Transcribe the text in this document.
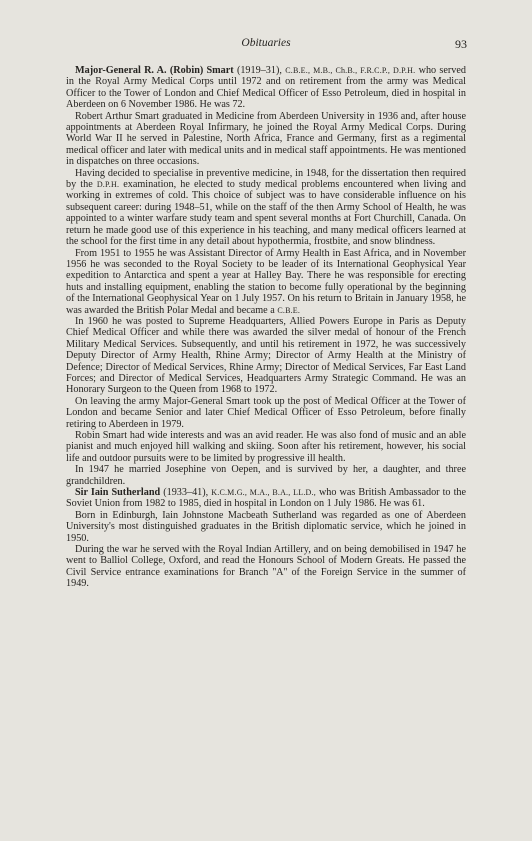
Obituaries	93

Major-General R. A. (Robin) Smart (1919–31), C.B.E., M.B., Ch.B., F.R.C.P., D.P.H. who served in the Royal Army Medical Corps until 1972 and on retirement from the army was Medical Officer to the Tower of London and Chief Medical Officer of Esso Petroleum, died in hospital in Aberdeen on 6 November 1986. He was 72.

Robert Arthur Smart graduated in Medicine from Aberdeen University in 1936 and, after house appointments at Aberdeen Royal Infirmary, he joined the Royal Army Medical Corps. During World War II he served in Palestine, North Africa, France and Germany, first as a regimental medical officer and later with medical units and in medical staff appointments. He was mentioned in dispatches on three occasions.

Having decided to specialise in preventive medicine, in 1948, for the dissertation then required by the D.P.H. examination, he elected to study medical problems encountered when living and working in extremes of cold. This choice of subject was to have considerable influence on his subsequent career: during 1948–51, while on the staff of the then Army School of Health, he was appointed to a winter warfare study team and spent several months at Fort Churchill, Canada. On return he made good use of this experience in his teaching, and many medical officers learned at the school for the first time in any detail about hypothermia, frostbite, and snow blindness.

From 1951 to 1955 he was Assistant Director of Army Health in East Africa, and in November 1956 he was seconded to the Royal Society to be leader of its International Geophysical Year expedition to Antarctica and spent a year at Halley Bay. There he was responsible for erecting huts and installing equipment, enabling the station to become fully operational by the beginning of the International Geophysical Year on 1 July 1957. On his return to Britain in January 1958, he was awarded the British Polar Medal and became a C.B.E.

In 1960 he was posted to Supreme Headquarters, Allied Powers Europe in Paris as Deputy Chief Medical Officer and while there was awarded the silver medal of honour of the French Military Medical Services. Subsequently, and until his retirement in 1972, he was successively Deputy Director of Army Health, Rhine Army; Director of Army Health at the Ministry of Defence; Director of Medical Services, Rhine Army; Director of Medical Services, Far East Land Forces; and Director of Medical Services, Headquarters Army Strategic Command. He was an Honorary Surgeon to the Queen from 1968 to 1972.

On leaving the army Major-General Smart took up the post of Medical Officer at the Tower of London and became Senior and later Chief Medical Officer of Esso Petroleum, before finally retiring to Aberdeen in 1979.

Robin Smart had wide interests and was an avid reader. He was also fond of music and an able pianist and much enjoyed hill walking and skiing. Soon after his retirement, however, his social life and outdoor pursuits were to be limited by progressive ill health.

In 1947 he married Josephine von Oepen, and is survived by her, a daughter, and three grandchildren.

Sir Iain Sutherland (1933–41), K.C.M.G., M.A., B.A., LL.D., who was British Ambassador to the Soviet Union from 1982 to 1985, died in hospital in London on 1 July 1986. He was 61.

Born in Edinburgh, Iain Johnstone Macbeath Sutherland was regarded as one of Aberdeen University's most distinguished graduates in the British diplomatic service, which he joined in 1950.

During the war he served with the Royal Indian Artillery, and on being demobilised in 1947 he went to Balliol College, Oxford, and read the Honours School of Modern Greats. He passed the Civil Service entrance examinations for Branch ''A'' of the Foreign Service in the summer of 1949.
